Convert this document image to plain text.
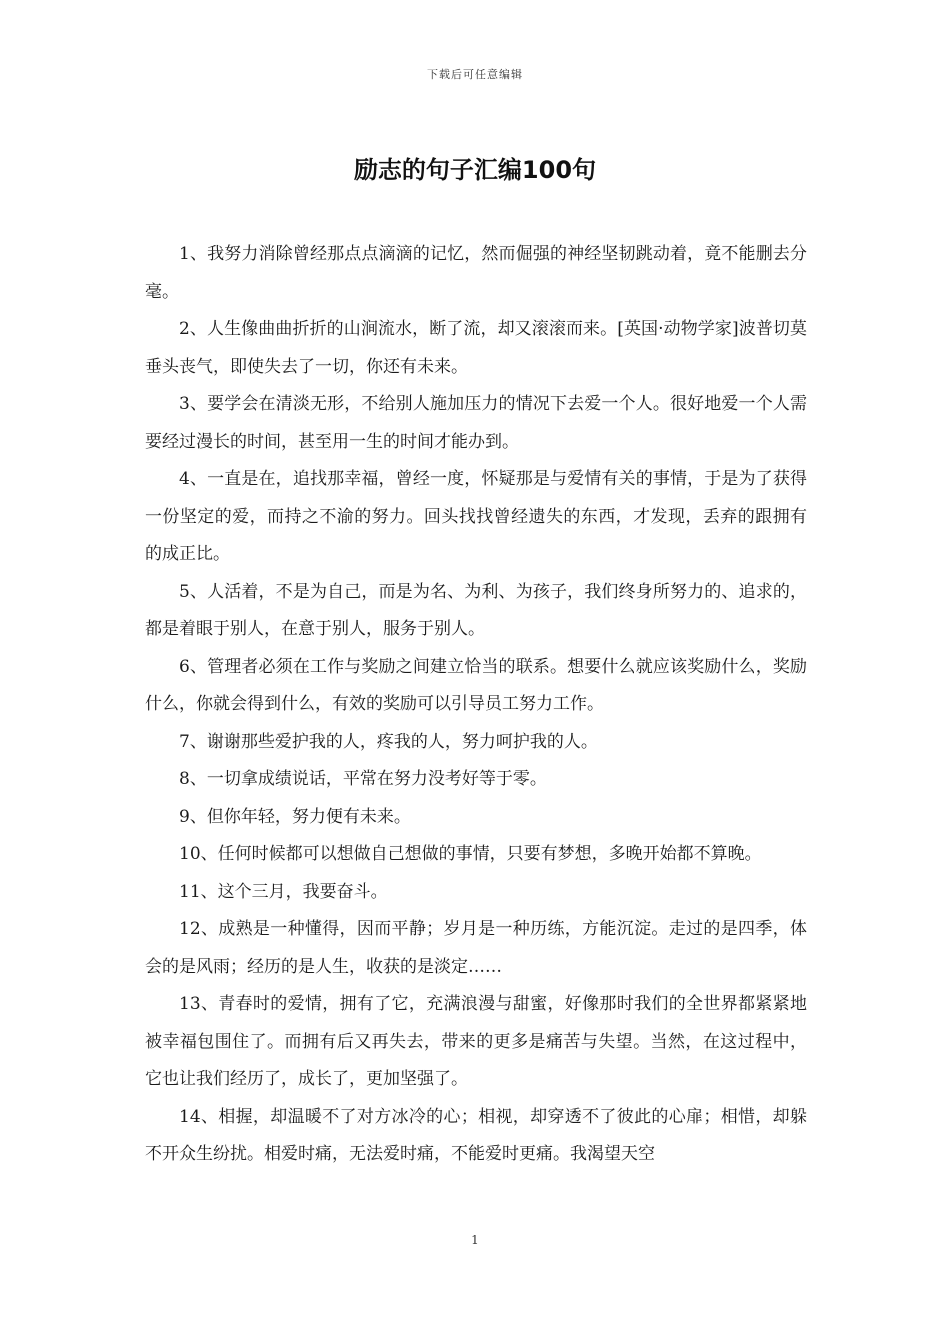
下载后可任意编辑
励志的句子汇编100句

1、我努力消除曾经那点点滴滴的记忆，然而倔强的神经坚韧跳动着，竟不能删去分毫。

2、人生像曲曲折折的山涧流水，断了流，却又滚滚而来。[英国·动物学家]波普切莫垂头丧气，即使失去了一切，你还有未来。

3、要学会在清淡无形，不给别人施加压力的情况下去爱一个人。很好地爱一个人需要经过漫长的时间，甚至用一生的时间才能办到。

4、一直是在，追找那幸福，曾经一度，怀疑那是与爱情有关的事情，于是为了获得一份坚定的爱，而持之不渝的努力。回头找找曾经遗失的东西，才发现，丢弃的跟拥有的成正比。

5、人活着，不是为自己，而是为名、为利、为孩子，我们终身所努力的、追求的，都是着眼于别人，在意于别人，服务于别人。

6、管理者必须在工作与奖励之间建立恰当的联系。想要什么就应该奖励什么，奖励什么，你就会得到什么，有效的奖励可以引导员工努力工作。

7、谢谢那些爱护我的人，疼我的人，努力呵护我的人。

8、一切拿成绩说话，平常在努力没考好等于零。

9、但你年轻，努力便有未来。

10、任何时候都可以想做自己想做的事情，只要有梦想，多晚开始都不算晚。

11、这个三月，我要奋斗。

12、成熟是一种懂得，因而平静；岁月是一种历练，方能沉淀。走过的是四季，体会的是风雨；经历的是人生，收获的是淡定……

13、青春时的爱情，拥有了它，充满浪漫与甜蜜，好像那时我们的全世界都紧紧地被幸福包围住了。而拥有后又再失去，带来的更多是痛苦与失望。当然，在这过程中，它也让我们经历了，成长了，更加坚强了。

14、相握，却温暖不了对方冰冷的心；相视，却穿透不了彼此的心扉；相惜，却躲不开众生纷扰。相爱时痛，无法爱时痛，不能爱时更痛。我渴望天空

1
